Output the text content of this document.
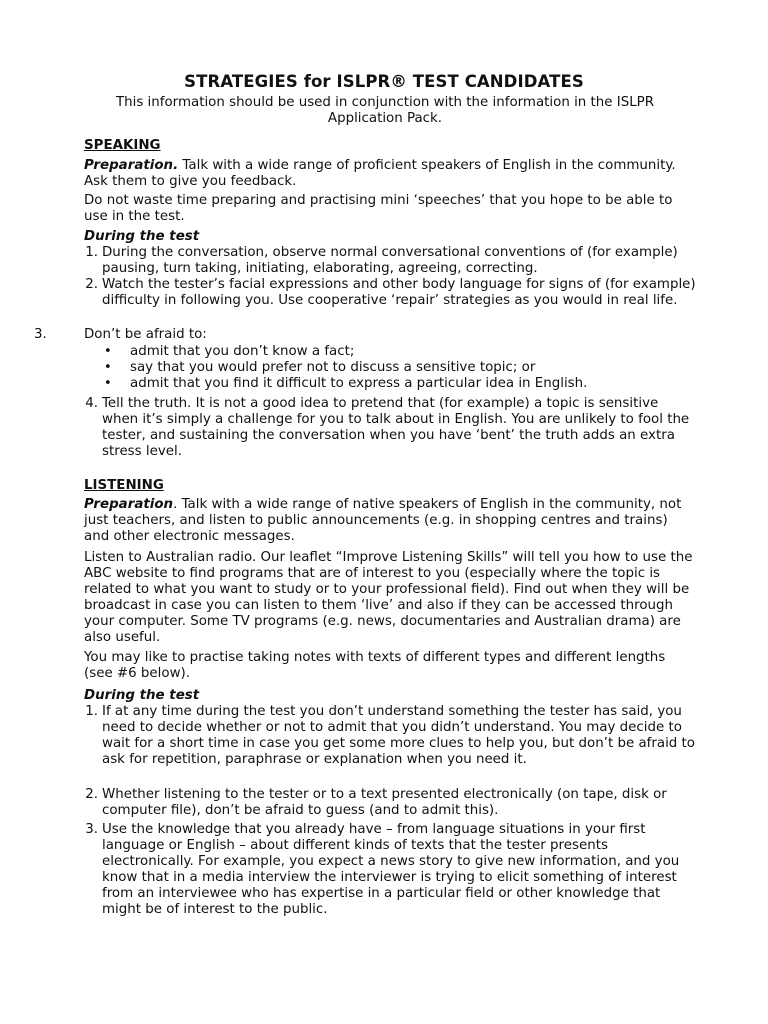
STRATEGIES for ISLPR® TEST CANDIDATES
This information should be used in conjunction with the information in the ISLPR Application Pack.
SPEAKING

Preparation. Talk with a wide range of proficient speakers of English in the community. Ask them to give you feedback.

Do not waste time preparing and practising mini ‘speeches’ that you hope to be able to use in the test.

During the test
1. During the conversation, observe normal conversational conventions of (for example) pausing, turn taking, initiating, elaborating, agreeing, correcting.
2. Watch the tester’s facial expressions and other body language for signs of (for example) difficulty in following you. Use cooperative ‘repair’ strategies as you would in real life.
3.	Don’t be afraid to:
• admit that you don’t know a fact;
• say that you would prefer not to discuss a sensitive topic; or
• admit that you find it difficult to express a particular idea in English.
4. Tell the truth. It is not a good idea to pretend that (for example) a topic is sensitive when it’s simply a challenge for you to talk about in English. You are unlikely to fool the tester, and sustaining the conversation when you have ‘bent’ the truth adds an extra stress level.
LISTENING

Preparation. Talk with a wide range of native speakers of English in the community, not just teachers, and listen to public announcements (e.g. in shopping centres and trains) and other electronic messages.

Listen to Australian radio. Our leaflet “Improve Listening Skills” will tell you how to use the ABC website to find programs that are of interest to you (especially where the topic is related to what you want to study or to your professional field). Find out when they will be broadcast in case you can listen to them ‘live’ and also if they can be accessed through your computer. Some TV programs (e.g. news, documentaries and Australian drama) are also useful.

You may like to practise taking notes with texts of different types and different lengths (see #6 below).

During the test
1. If at any time during the test you don’t understand something the tester has said, you need to decide whether or not to admit that you didn’t understand. You may decide to wait for a short time in case you get some more clues to help you, but don’t be afraid to ask for repetition, paraphrase or explanation when you need it.
2. Whether listening to the tester or to a text presented electronically (on tape, disk or computer file), don’t be afraid to guess (and to admit this).
3. Use the knowledge that you already have – from language situations in your first language or English – about different kinds of texts that the tester presents electronically. For example, you expect a news story to give new information, and you know that in a media interview the interviewer is trying to elicit something of interest from an interviewee who has expertise in a particular field or other knowledge that might be of interest to the public.
